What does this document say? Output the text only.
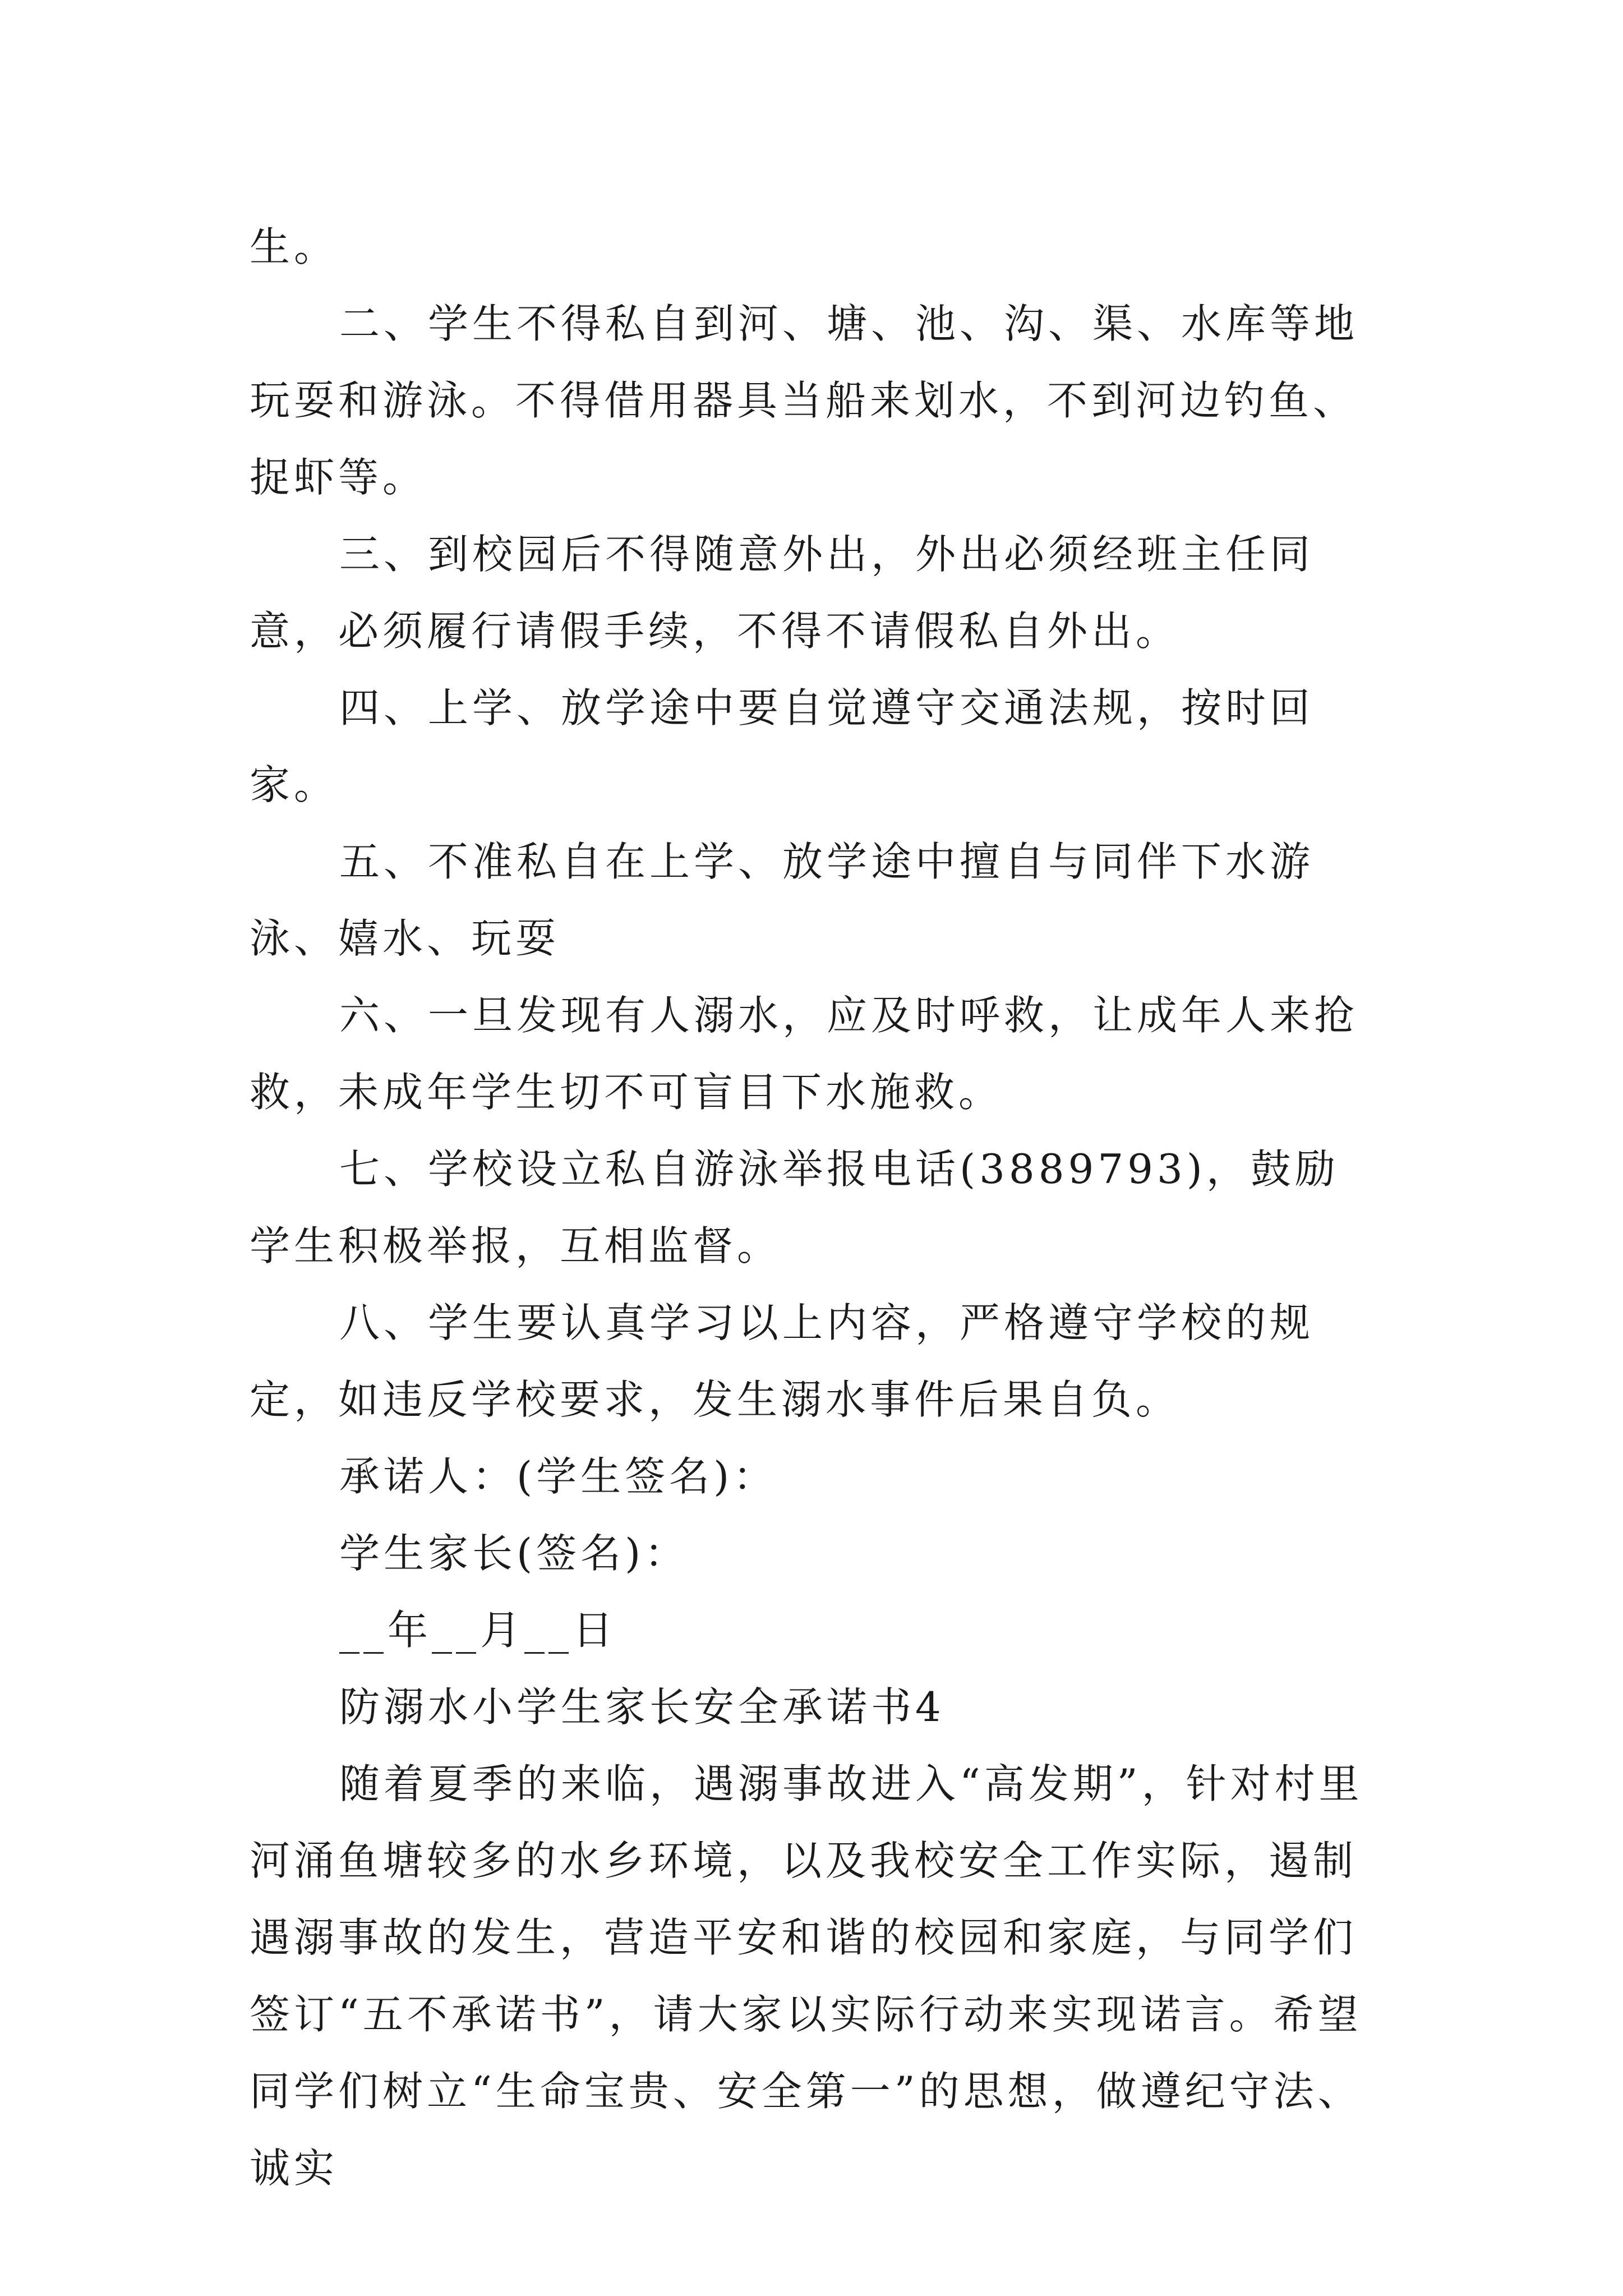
生。

二、学生不得私自到河、塘、池、沟、渠、水库等地玩耍和游泳。不得借用器具当船来划水，不到河边钓鱼、捉虾等。

三、到校园后不得随意外出，外出必须经班主任同意，必须履行请假手续，不得不请假私自外出。

四、上学、放学途中要自觉遵守交通法规，按时回家。

五、不准私自在上学、放学途中擅自与同伴下水游泳、嬉水、玩耍

六、一旦发现有人溺水，应及时呼救，让成年人来抢救，未成年学生切不可盲目下水施救。

七、学校设立私自游泳举报电话(3889793)，鼓励学生积极举报，互相监督。

八、学生要认真学习以上内容，严格遵守学校的规定，如违反学校要求，发生溺水事件后果自负。

承诺人：(学生签名)：

学生家长(签名)：

__年__月__日

防溺水小学生家长安全承诺书4

随着夏季的来临，遇溺事故进入“高发期”，针对村里河涌鱼塘较多的水乡环境，以及我校安全工作实际，遏制遇溺事故的发生，营造平安和谐的校园和家庭，与同学们签订“五不承诺书”，请大家以实际行动来实现诺言。希望同学们树立“生命宝贵、安全第一”的思想，做遵纪守法、诚实
